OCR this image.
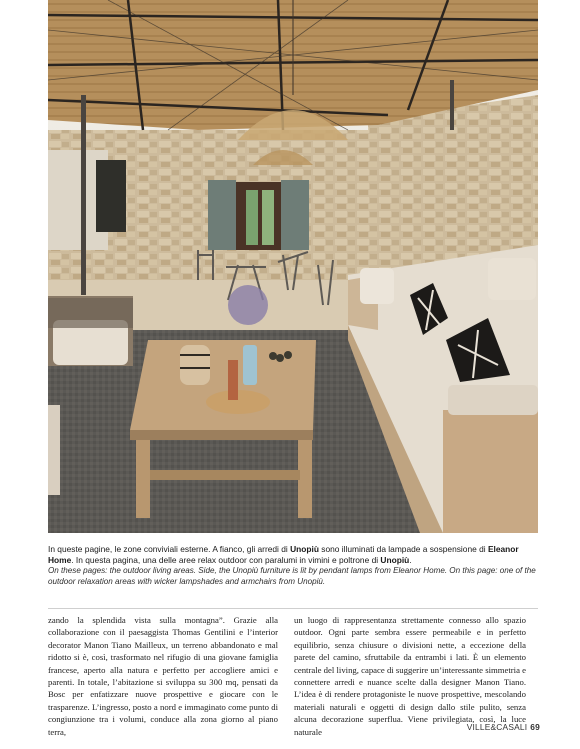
In queste pagine, le zone conviviali esterne. A fianco, gli arredi di Unopiù sono illuminati da lampade a sospensione di Eleanor Home. In questa pagina, una delle aree relax outdoor con paralumi in vimini e poltrone di Unopiù.

On these pages: the outdoor living areas. Side, the Unopiù furniture is lit by pendant lamps from Eleanor Home. On this page: one of the outdoor relaxation areas with wicker lampshades and armchairs from Unopiù.

zando la splendida vista sulla montagna”. Grazie alla collaborazione con il paesaggista Thomas Gentilini e l’interior decorator Manon Tiano Mailleux, un terreno abbandonato e mal ridotto si è, così, trasformato nel rifugio di una giovane famiglia francese, aperto alla natura e perfetto per accogliere amici e parenti. In totale, l’abitazione si sviluppa su 300 mq, pensati da Bosc per enfatizzare nuove prospettive e giocare con le trasparenze. L’ingresso, posto a nord e immaginato come punto di congiunzione tra i volumi, conduce alla zona giorno al piano terra,

un luogo di rappresentanza strettamente connesso allo spazio outdoor. Ogni parte sembra essere permeabile e in perfetto equilibrio, senza chiusure o divisioni nette, a eccezione della parete del camino, sfruttabile da entrambi i lati. È un elemento centrale del living, capace di suggerire un’interessante simmetria e connettere arredi e nuance scelte dalla designer Manon Tiano. L’idea è di rendere protagoniste le nuove prospettive, mescolando materiali naturali e oggetti di design dallo stile pulito, senza alcuna decorazione superflua. Viene privilegiata, così, la luce naturale	VILLE&CASALI 69
